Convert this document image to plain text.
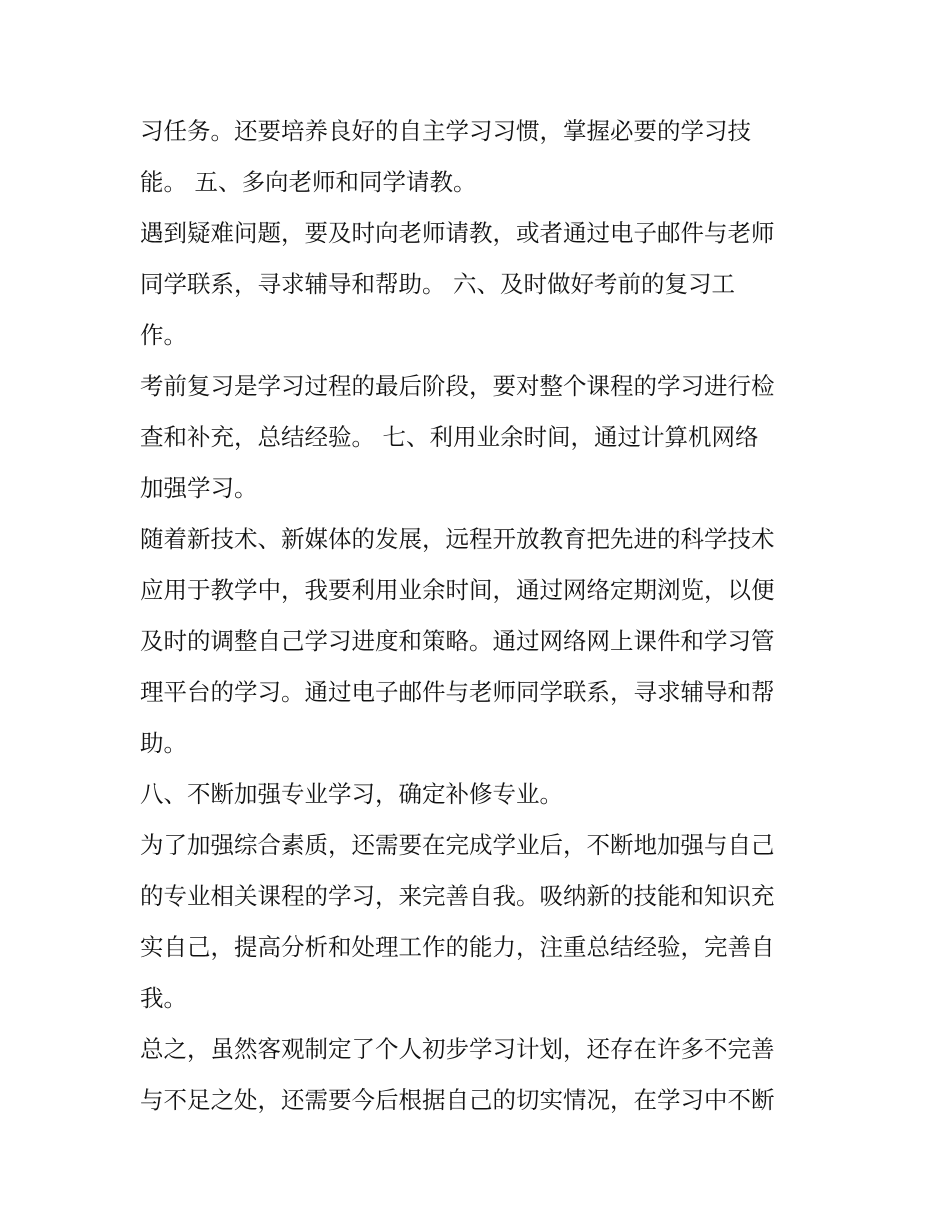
习任务。还要培养良好的自主学习习惯，掌握必要的学习技
能。 五、多向老师和同学请教。
遇到疑难问题，要及时向老师请教，或者通过电子邮件与老师
同学联系，寻求辅导和帮助。 六、及时做好考前的复习工
作。
考前复习是学习过程的最后阶段，要对整个课程的学习进行检
查和补充，总结经验。 七、利用业余时间，通过计算机网络
加强学习。
随着新技术、新媒体的发展，远程开放教育把先进的科学技术
应用于教学中，我要利用业余时间，通过网络定期浏览，以便
及时的调整自己学习进度和策略。通过网络网上课件和学习管
理平台的学习。通过电子邮件与老师同学联系，寻求辅导和帮
助。
八、不断加强专业学习，确定补修专业。
为了加强综合素质，还需要在完成学业后，不断地加强与自己
的专业相关课程的学习，来完善自我。吸纳新的技能和知识充
实自己，提高分析和处理工作的能力，注重总结经验，完善自
我。
总之，虽然客观制定了个人初步学习计划，还存在许多不完善
与不足之处，还需要今后根据自己的切实情况，在学习中不断
